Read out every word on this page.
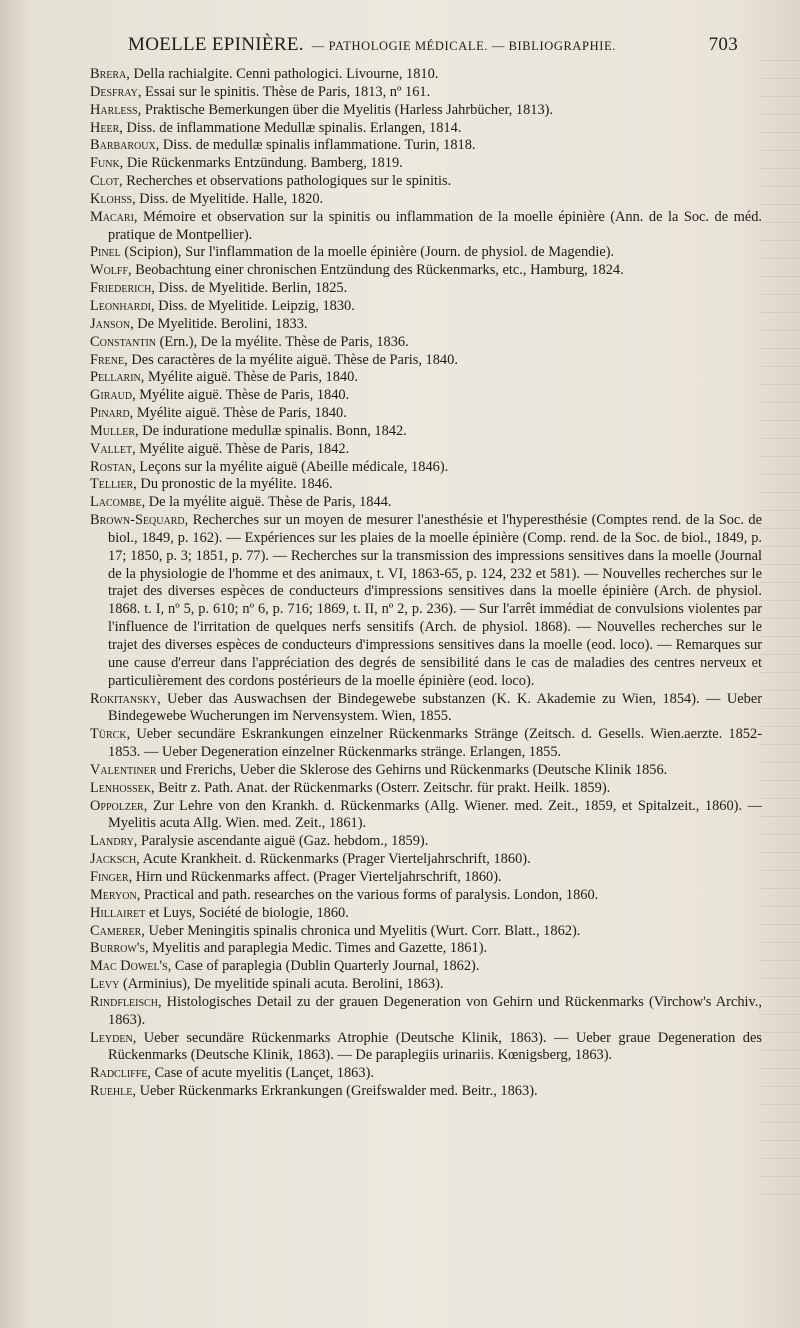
MOELLE EPINIÈRE. — PATHOLOGIE MÉDICALE. — BIBLIOGRAPHIE.	703
Brera, Della rachialgite. Cenni pathologici. Livourne, 1810.
Desfray, Essai sur le spinitis. Thèse de Paris, 1813, nº 161.
Harless, Praktische Bemerkungen über die Myelitis (Harless Jahrbücher, 1813).
Heer, Diss. de inflammatione Medullæ spinalis. Erlangen, 1814.
Barbaroux, Diss. de medullæ spinalis inflammatione. Turin, 1818.
Funk, Die Rückenmarks Entzündung. Bamberg, 1819.
Clot, Recherches et observations pathologiques sur le spinitis.
Klohss, Diss. de Myelitide. Halle, 1820.
Macari, Mémoire et observation sur la spinitis ou inflammation de la moelle épinière (Ann. de la Soc. de méd. pratique de Montpellier).
Pinel (Scipion), Sur l'inflammation de la moelle épinière (Journ. de physiol. de Magendie).
Wolff, Beobachtung einer chronischen Entzündung des Rückenmarks, etc., Hamburg, 1824.
Friederich, Diss. de Myelitide. Berlin, 1825.
Leonhardi, Diss. de Myelitide. Leipzig, 1830.
Janson, De Myelitide. Berolini, 1833.
Constantin (Ern.), De la myélite. Thèse de Paris, 1836.
Frene, Des caractères de la myélite aiguë. Thèse de Paris, 1840.
Pellarin, Myélite aiguë. Thèse de Paris, 1840.
Giraud, Myélite aiguë. Thèse de Paris, 1840.
Pinard, Myélite aiguë. Thèse de Paris, 1840.
Muller, De induratione medullæ spinalis. Bonn, 1842.
Vallet, Myélite aiguë. Thèse de Paris, 1842.
Rostan, Leçons sur la myélite aiguë (Abeille médicale, 1846).
Tellier, Du pronostic de la myélite. 1846.
Lacombe, De la myélite aiguë. Thèse de Paris, 1844.
Brown-Sequard, Recherches sur un moyen de mesurer l'anesthésie et l'hyperesthésie (Comptes rend. de la Soc. de biol., 1849, p. 162). — Expériences sur les plaies de la moelle épinière (Comp. rend. de la Soc. de biol., 1849, p. 17; 1850, p. 3; 1851, p. 77). — Recherches sur la transmission des impressions sensitives dans la moelle (Journal de la physiologie de l'homme et des animaux, t. VI, 1863-65, p. 124, 232 et 581). — Nouvelles recherches sur le trajet des diverses espèces de conducteurs d'impressions sensitives dans la moelle épinière (Arch. de physiol. 1868. t. I, nº 5, p. 610; nº 6, p. 716; 1869, t. II, nº 2, p. 236). — Sur l'arrêt immédiat de convulsions violentes par l'influence de l'irritation de quelques nerfs sensitifs (Arch. de physiol. 1868). — Nouvelles recherches sur le trajet des diverses espèces de conducteurs d'impressions sensitives dans la moelle (eod. loco). — Remarques sur une cause d'erreur dans l'appréciation des degrés de sensibilité dans le cas de maladies des centres nerveux et particulièrement des cordons postérieurs de la moelle épinière (eod. loco).
Rokitansky, Ueber das Auswachsen der Bindegewebe substanzen (K. K. Akademie zu Wien, 1854). — Ueber Bindegewebe Wucherungen im Nervensystem. Wien, 1855.
Türck, Ueber secundäre Eskrankungen einzelner Rückenmarks Stränge (Zeitsch. d. Gesells. Wien.aerzte. 1852-1853. — Ueber Degeneration einzelner Rückenmarks stränge. Erlangen, 1855.
Valentiner und Frerichs, Ueber die Sklerose des Gehirns und Rückenmarks (Deutsche Klinik 1856.
Lenhossek, Beitr z. Path. Anat. der Rückenmarks (Osterr. Zeitschr. für prakt. Heilk. 1859).
Oppolzer, Zur Lehre von den Krankh. d. Rückenmarks (Allg. Wiener. med. Zeit., 1859, et Spitalzeit., 1860). — Myelitis acuta Allg. Wien. med. Zeit., 1861).
Landry, Paralysie ascendante aiguë (Gaz. hebdom., 1859).
Jacksch, Acute Krankheit. d. Rückenmarks (Prager Vierteljahrschrift, 1860).
Finger, Hirn und Rückenmarks affect. (Prager Vierteljahrschrift, 1860).
Meryon, Practical and path. researches on the various forms of paralysis. London, 1860.
Hillairet et Luys, Société de biologie, 1860.
Camerer, Ueber Meningitis spinalis chronica und Myelitis (Wurt. Corr. Blatt., 1862).
Burrow's, Myelitis and paraplegia Medic. Times and Gazette, 1861).
Mac Dowel's, Case of paraplegia (Dublin Quarterly Journal, 1862).
Levy (Arminius), De myelitide spinali acuta. Berolini, 1863).
Rindfleisch, Histologisches Detail zu der grauen Degeneration von Gehirn und Rückenmarks (Virchow's Archiv., 1863).
Leyden, Ueber secundäre Rückenmarks Atrophie (Deutsche Klinik, 1863). — Ueber graue Degeneration des Rückenmarks (Deutsche Klinik, 1863). — De paraplegiis urinariis. Kœnigsberg, 1863).
Radcliffe, Case of acute myelitis (Lançet, 1863).
Ruehle, Ueber Rückenmarks Erkrankungen (Greifswalder med. Beitr., 1863).
